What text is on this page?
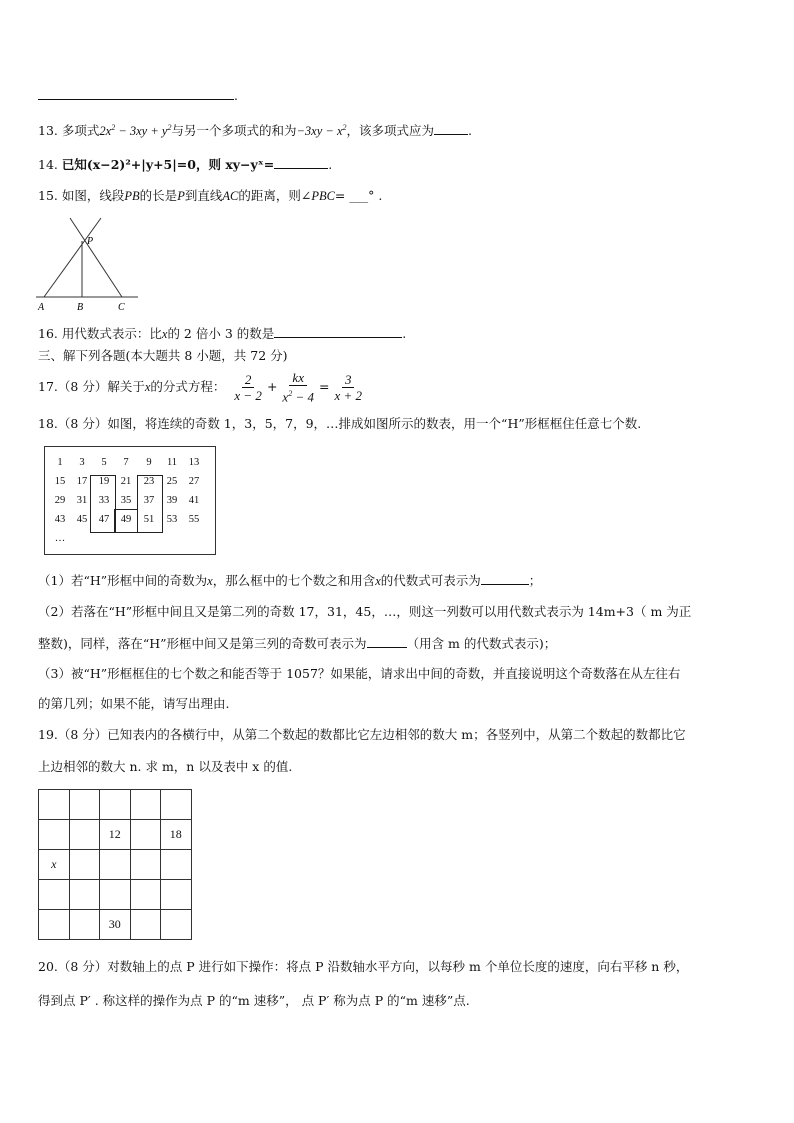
.
13. 多项式$2x^2 - 3xy + y^2$与另一个多项式的和为$-3xy - x^2$，该多项式应为	.
14. 已知(x−2)²+|y+5|=0，则 xy−yˣ=	.
15. 如图，线段PB的长是P到直线AC的距离，则∠PBC= ___° .
P
A	B	C
16. 用代数式表示：比x的 2 倍小 3 的数是	.
三、解下列各题(本大题共 8 小题，共 72 分)
17.（8 分）解关于x的分式方程： $\frac{2}{x - 2} + \frac{kx}{x^2 - 4} = \frac{3}{x + 2}$
18.（8 分）如图，将连续的奇数 1，3，5，7，9，…排成如图所示的数表，用一个“H”形框框住任意七个数.
1	3	5	7	9	11	13
15	17	19	21	23	25	27
29	31	33	35	37	39	41
43	45	47	49	51	53	55
…
（1）若“H”形框中间的奇数为x，那么框中的七个数之和用含x的代数式可表示为	；
（2）若落在“H”形框中间且又是第二列的奇数 17，31，45，…，则这一列数可以用代数式表示为 14m+3（ m 为正
整数)，同样，落在“H”形框中间又是第三列的奇数可表示为	（用含 m 的代数式表示)；
（3）被“H”形框框住的七个数之和能否等于 1057？如果能，请求出中间的奇数，并直接说明这个奇数落在从左往右
的第几列；如果不能，请写出理由.
19.（8 分）已知表内的各横行中，从第二个数起的数都比它左边相邻的数大 m；各竖列中，从第二个数起的数都比它
上边相邻的数大 n. 求 m，n 以及表中 x 的值.

		12		18
x				

		30		
20.（8 分）对数轴上的点 P 进行如下操作：将点 P 沿数轴水平方向，以每秒 m 个单位长度的速度，向右平移 n 秒，
得到点 P′ . 称这样的操作为点 P 的“m 速移”， 点 P′ 称为点 P 的“m 速移”点.
